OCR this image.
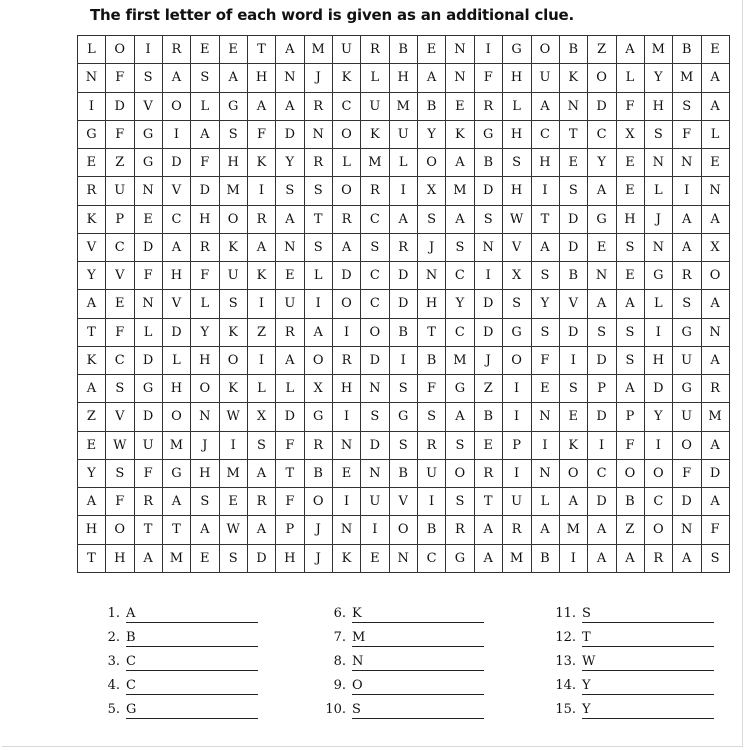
The first letter of each word is given as an additional clue.
L	O	I	R	E	E	T	A	M	U	R	B	E	N	I	G	O	B	Z	A	M	B	E
N	F	S	A	S	A	H	N	J	K	L	H	A	N	F	H	U	K	O	L	Y	M	A
I	D	V	O	L	G	A	A	R	C	U	M	B	E	R	L	A	N	D	F	H	S	A
G	F	G	I	A	S	F	D	N	O	K	U	Y	K	G	H	C	T	C	X	S	F	L
E	Z	G	D	F	H	K	Y	R	L	M	L	O	A	B	S	H	E	Y	E	N	N	E
R	U	N	V	D	M	I	S	S	O	R	I	X	M	D	H	I	S	A	E	L	I	N
K	P	E	C	H	O	R	A	T	R	C	A	S	A	S	W	T	D	G	H	J	A	A
V	C	D	A	R	K	A	N	S	A	S	R	J	S	N	V	A	D	E	S	N	A	X
Y	V	F	H	F	U	K	E	L	D	C	D	N	C	I	X	S	B	N	E	G	R	O
A	E	N	V	L	S	I	U	I	O	C	D	H	Y	D	S	Y	V	A	A	L	S	A
T	F	L	D	Y	K	Z	R	A	I	O	B	T	C	D	G	S	D	S	S	I	G	N
K	C	D	L	H	O	I	A	O	R	D	I	B	M	J	O	F	I	D	S	H	U	A
A	S	G	H	O	K	L	L	X	H	N	S	F	G	Z	I	E	S	P	A	D	G	R
Z	V	D	O	N	W	X	D	G	I	S	G	S	A	B	I	N	E	D	P	Y	U	M
E	W	U	M	J	I	S	F	R	N	D	S	R	S	E	P	I	K	I	F	I	O	A
Y	S	F	G	H	M	A	T	B	E	N	B	U	O	R	I	N	O	C	O	O	F	D
A	F	R	A	S	E	R	F	O	I	U	V	I	S	T	U	L	A	D	B	C	D	A
H	O	T	T	A	W	A	P	J	N	I	O	B	R	A	R	A	M	A	Z	O	N	F
T	H	A	M	E	S	D	H	J	K	E	N	C	G	A	M	B	I	A	A	R	A	S
1. A
2. B
3. C
4. C
5. G
6. K
7. M
8. N
9. O
10. S
11. S
12. T
13. W
14. Y
15. Y
